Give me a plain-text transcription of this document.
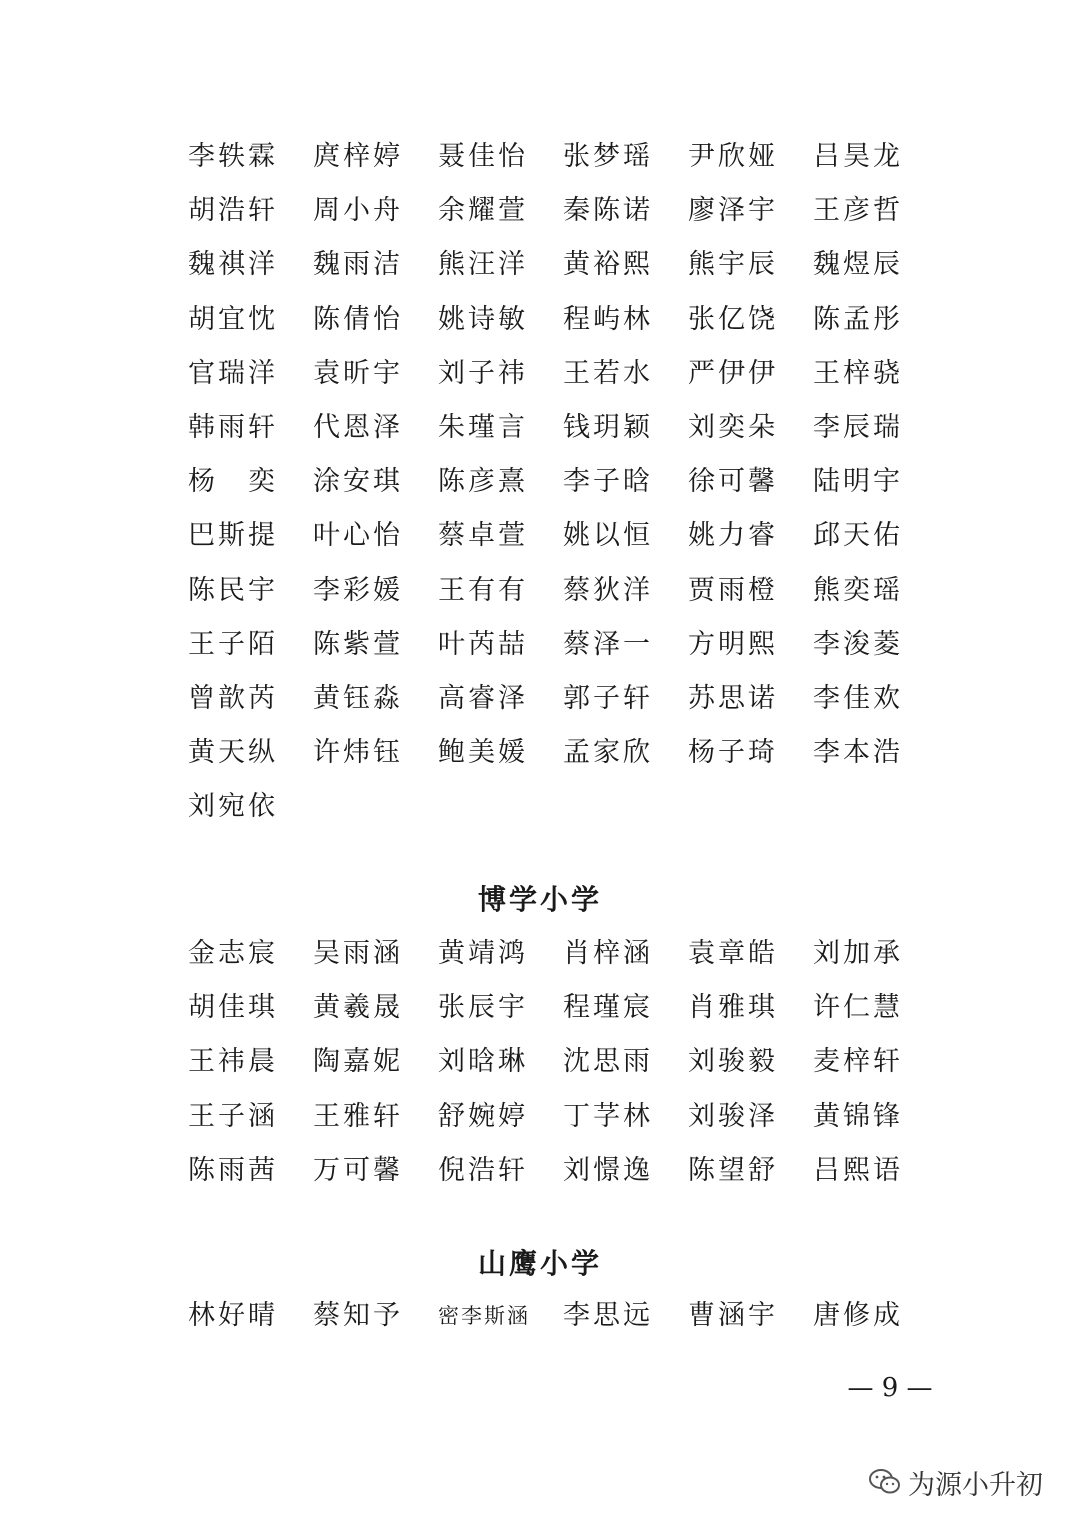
李轶霖	庹梓婷	聂佳怡	张梦瑶	尹欣娅	吕昊龙
胡浩轩	周小舟	余耀萱	秦陈诺	廖泽宇	王彦哲
魏祺洋	魏雨洁	熊汪洋	黄裕熙	熊宇辰	魏煜辰
胡宜忱	陈倩怡	姚诗敏	程屿林	张亿饶	陈孟彤
官瑞洋	袁昕宇	刘子祎	王若水	严伊伊	王梓骁
韩雨轩	代恩泽	朱瑾言	钱玥颖	刘奕朵	李辰瑞
杨　奕	涂安琪	陈彦熹	李子晗	徐可馨	陆明宇
巴斯提	叶心怡	蔡卓萱	姚以恒	姚力睿	邱天佑
陈民宇	李彩媛	王有有	蔡狄洋	贾雨橙	熊奕瑶
王子陌	陈紫萱	叶芮喆	蔡泽一	方明熙	李浚菱
曾歆芮	黄钰淼	高睿泽	郭子轩	苏思诺	李佳欢
黄天纵	许炜钰	鲍美媛	孟家欣	杨子琦	李本浩
刘宛依
博学小学
金志宸	吴雨涵	黄靖鸿	肖梓涵	袁章皓	刘加承
胡佳琪	黄羲晟	张辰宇	程瑾宸	肖雅琪	许仁慧
王祎晨	陶嘉妮	刘晗琳	沈思雨	刘骏毅	麦梓轩
王子涵	王雅轩	舒婉婷	丁芓林	刘骏泽	黄锦锋
陈雨茜	万可馨	倪浩轩	刘憬逸	陈望舒	吕熙语
山鹰小学
林好晴	蔡知予	密李斯涵	李思远	曹涵宇	唐修成
— 9 —
为源小升初
